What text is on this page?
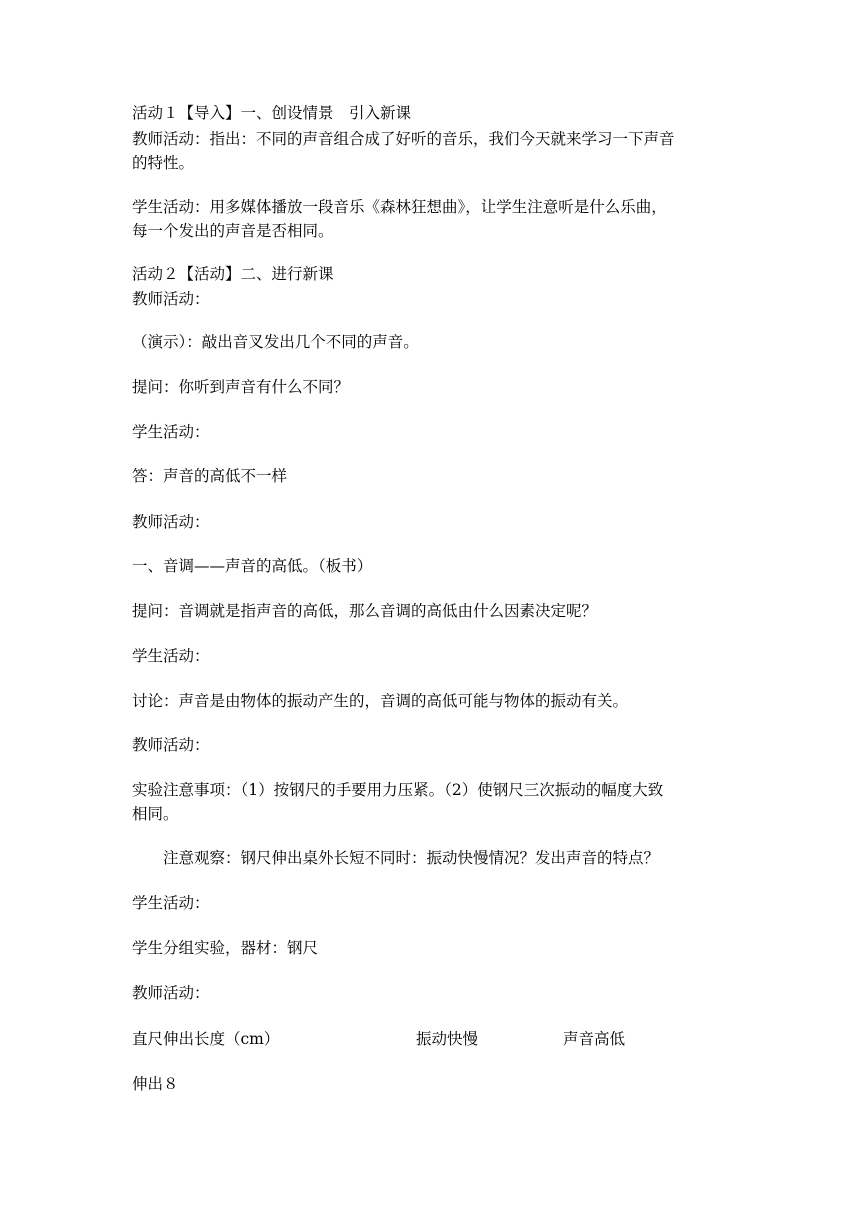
活动１【导入】一、创设情景　引入新课
教师活动：指出：不同的声音组合成了好听的音乐，我们今天就来学习一下声音
的特性。
学生活动：用多媒体播放一段音乐《森林狂想曲》，让学生注意听是什么乐曲，
每一个发出的声音是否相同。
活动２【活动】二、进行新课
教师活动：
（演示）：敲出音叉发出几个不同的声音。
提问：你听到声音有什么不同？
学生活动：
答：声音的高低不一样
教师活动：
一、音调——声音的高低。（板书）
提问：音调就是指声音的高低，那么音调的高低由什么因素决定呢？
学生活动：
讨论：声音是由物体的振动产生的，音调的高低可能与物体的振动有关。
教师活动：
实验注意事项：（1）按钢尺的手要用力压紧。（2）使钢尺三次振动的幅度大致
相同。
注意观察：钢尺伸出桌外长短不同时：振动快慢情况？发出声音的特点？
学生活动：
学生分组实验，器材：钢尺
教师活动：
直尺伸出长度（cm）	振动快慢	声音高低
伸出８
